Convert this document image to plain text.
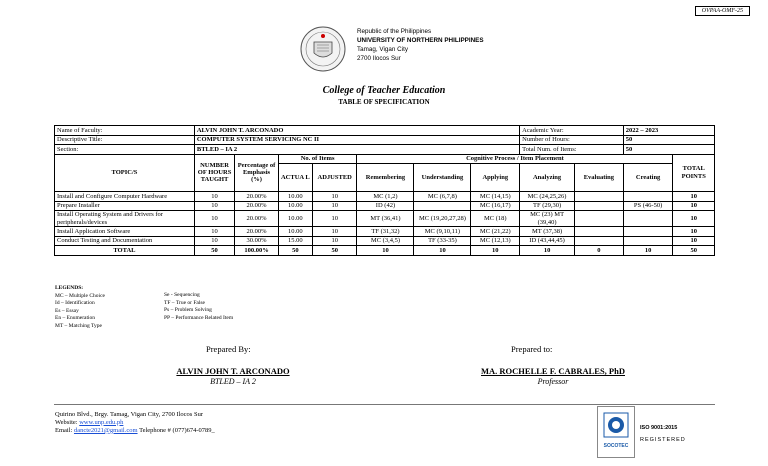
OVPAA-OMF-25
Republic of the Philippines
UNIVERSITY OF NORTHERN PHILIPPINES
Tamag, Vigan City
2700 Ilocos Sur
College of Teacher Education
TABLE OF SPECIFICATION
Name of Faculty:	ALVIN JOHN T. ARCONADO							Academic Year:		2022 – 2023	
Descriptive Title:	COMPUTER SYSTEM SERVICING NC II							Number of Hours:		50	
Section:	BTLED – IA 2							Total Num. of Items:		50	
TOPIC/S	NUMBER OF HOURS TAUGHT	Percentage of Emphasis (%)	No. of Items		Cognitive Process / Item Placement						TOTAL POINTS
			ACTUA L	ADJUSTED	Remembering	Understanding	Applying	Analyzing	Evaluating	Creating	
Install and Configure Computer Hardware	10	20.00%	10.00	10	MC (1,2)	MC (6,7,8)	MC (14,15)	MC (24,25,26)			10
Prepare Installer	10	20.00%	10.00	10	ID (42)		MC (16,17)	TF (29,30)		PS (46-50)	10
Install Operating System and Drivers for peripherals/devices	10	20.00%	10.00	10	MT (36,41)	MC (19,20,27,28)	MC (18)	MC (23) MT (39,40)			10
Install Application Software	10	20.00%	10.00	10	TF (31,32)	MC (9,10,11)	MC (21,22)	MT (37,38)			10
Conduct Testing and Documentation	10	30.00%	15.00	10	MC (3,4,5)	TF (33-35)	MC (12,13)	ID (43,44,45)			10
TOTAL	50	100.00%	50	50	10	10	10	10	0	10	50
LEGENDS:
MC – Multiple Choice
Id – Identification
Es – Essay
En – Enumeration
MT – Matching Type
Se - Sequencing
TF – True or False
Ps – Problem Solving
PP – Performance Related Item
Prepared By:
ALVIN JOHN T. ARCONADO
BTLED – IA 2
Prepared to:
MA. ROCHELLE F. CABRALES, PhD
Professor
Quirino Blvd., Brgy. Tamag, Vigan City, 2700 Ilocos Sur
Website: www.unp.edu.ph
Email: dancte2021@gmail.com Telephone # (077)674-0789_
SOCOTEC
ISO 9001:2015
REGISTERED
